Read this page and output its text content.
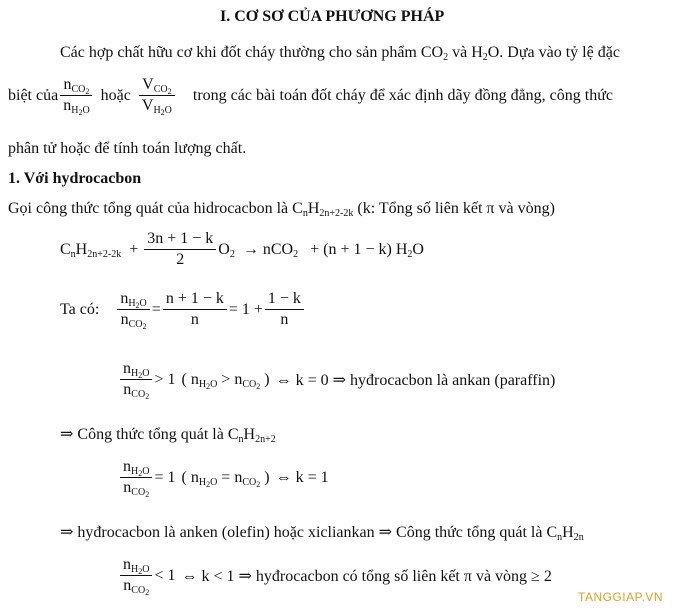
I. CƠ SƠ CỦA PHƯƠNG PHÁP
Các hợp chất hữu cơ khi đốt cháy thường cho sản phẩm $CO_2$ và $H_2O$. Dựa vào tỷ lệ đặc
biệt của $\frac{n_{CO_2}}{n_{H_2O}}$ hoặc $\frac{V_{CO_2}}{V_{H_2O}}$ trong các bài toán đốt cháy để xác định dãy đồng đẳng, công thức
phân tử hoặc để tính toán lượng chất.
1. Với hydrocacbon
Gọi công thức tổng quát của hidrocacbon là $C_nH_{2n+2-2k}$ (k: Tổng số liên kết π và vòng)
$C_nH_{2n+2-2k} + \frac{3n + 1 - k}{2} O_2 \to nCO_2 + (n + 1 - k)$ $H_2O$
Ta có: $\frac{n_{H_2O}}{n_{CO_2}} = \frac{n + 1 - k}{n} = 1 + \frac{1 - k}{n}$
$\frac{n_{H_2O}}{n_{CO_2}} > 1$ ( $n_{H_2O} > n_{CO_2}$ ) ⇔ k = 0 ⇒ hyđrocacbon là ankan (paraffin)
⇒ Công thức tổng quát là $C_nH_{2n+2}$
$\frac{n_{H_2O}}{n_{CO_2}} = 1$ ( $n_{H_2O} = n_{CO_2}$ ) ⇔ k = 1
⇒ hyđrocacbon là anken (olefin) hoặc xicliankan ⇒ Công thức tổng quát là $C_nH_{2n}$
$\frac{n_{H_2O}}{n_{CO_2}} < 1$ ⇔ k < 1 ⇒ hyđrocacbon có tổng số liên kết π và vòng ≥ 2
TANGGIAP.VN
